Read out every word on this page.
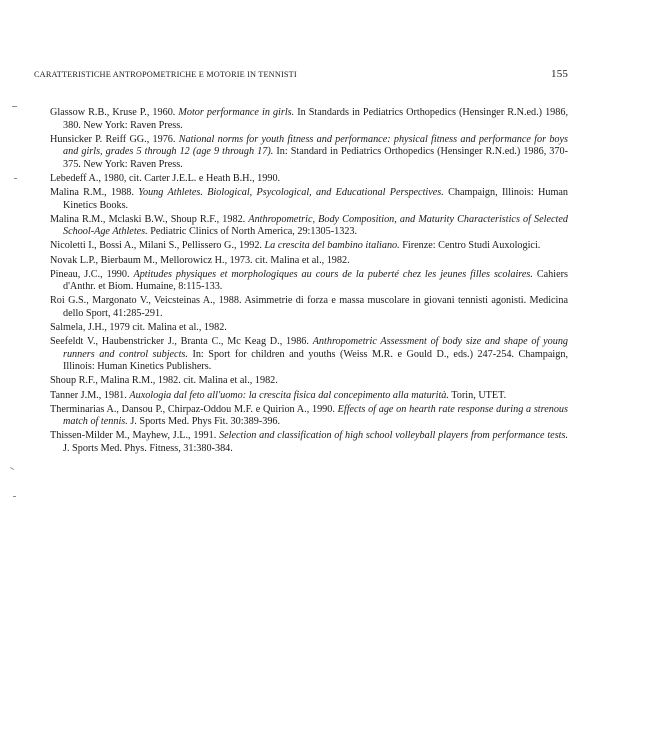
CARATTERISTICHE ANTROPOMETRICHE E MOTORIE IN TENNISTI	155
Glassow R.B., Kruse P., 1960. Motor performance in girls. In Standards in Pediatrics Orthopedics (Hensinger R.N.ed.) 1986, 380. New York: Raven Press.
Hunsicker P. Reiff GG., 1976. National norms for youth fitness and performance: physical fitness and performance for boys and girls, grades 5 through 12 (age 9 through 17). In: Standard in Pediatrics Orthopedics (Hensinger R.N.ed.) 1986, 370-375. New York: Raven Press.
Lebedeff A., 1980, cit. Carter J.E.L. e Heath B.H., 1990.
Malina R.M., 1988. Young Athletes. Biological, Psycological, and Educational Perspectives. Champaign, Illinois: Human Kinetics Books.
Malina R.M., Mclaski B.W., Shoup R.F., 1982. Anthropometric, Body Composition, and Maturity Characteristics of Selected School-Age Athletes. Pediatric Clinics of North America, 29:1305-1323.
Nicoletti I., Bossi A., Milani S., Pellissero G., 1992. La crescita del bambino italiano. Firenze: Centro Studi Auxologici.
Novak L.P., Bierbaum M., Mellorowicz H., 1973. cit. Malina et al., 1982.
Pineau, J.C., 1990. Aptitudes physiques et morphologiques au cours de la puberté chez les jeunes filles scolaires. Cahiers d'Anthr. et Biom. Humaine, 8:115-133.
Roi G.S., Margonato V., Veicsteinas A., 1988. Asimmetrie di forza e massa muscolare in giovani tennisti agonisti. Medicina dello Sport, 41:285-291.
Salmela, J.H., 1979 cit. Malina et al., 1982.
Seefeldt V., Haubenstricker J., Branta C., Mc Keag D., 1986. Anthropometric Assessment of body size and shape of young runners and control subjects. In: Sport for children and youths (Weiss M.R. e Gould D., eds.) 247-254. Champaign, Illinois: Human Kinetics Publishers.
Shoup R.F., Malina R.M., 1982. cit. Malina et al., 1982.
Tanner J.M., 1981. Auxologia dal feto all'uomo: la crescita fisica dal concepimento alla maturità. Torin, UTET.
Therminarias A., Dansou P., Chirpaz-Oddou M.F. e Quirion A., 1990. Effects of age on hearth rate response during a strenous match of tennis. J. Sports Med. Phys Fit. 30:389-396.
Thissen-Milder M., Mayhew, J.L., 1991. Selection and classification of high school volleyball players from performance tests. J. Sports Med. Phys. Fitness, 31:380-384.
